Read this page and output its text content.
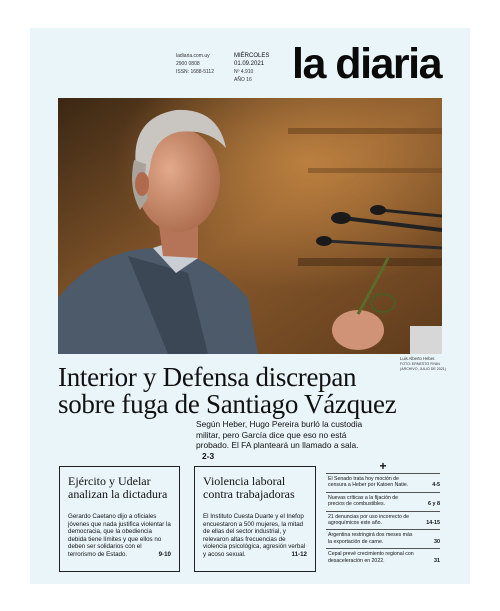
ladiaria.com.uy
2900 0808
ISSN: 1688-5112
MIÉRCOLES
01.09.2021
Nº 4.910
AÑO 16 la diaria
Luis Alberto Heber.
FOTO: ERNESTO RYAN
(ARCHIVO, JULIO DE 2021)
Interior y Defensa discrepan
sobre fuga de Santiago Vázquez
Según Heber, Hugo Pereira burló la custodia militar, pero García dice que eso no está probado. El FA planteará un llamado a sala. 2-3
Ejército y Udelar analizan la dictadura

Gerardo Caetano dijo a oficiales jóvenes que nada justifica violentar la democracia, que la obediencia debida tiene límites y que ellos no deben ser solidarios con el terrorismo de Estado.	9-10

Violencia laboral contra trabajadoras

El Instituto Cuesta Duarte y el Inefop encuestaron a 500 mujeres, la mitad de ellas del sector industrial, y relevaron altas frecuencias de violencia psicológica, agresión verbal y acoso sexual.	11-12

+
El Senado trata hoy moción de censura a Heber por Katoen Natie.	4-5
Nuevas críticas a la fijación de precios de combustibles.	6 y 8
21 denuncias por uso incorrecto de agroquímicos este año.	14-15
Argentina restringirá dos meses más la exportación de carne.	30
Cepal prevé crecimiento regional con desaceleración en 2022.	31
